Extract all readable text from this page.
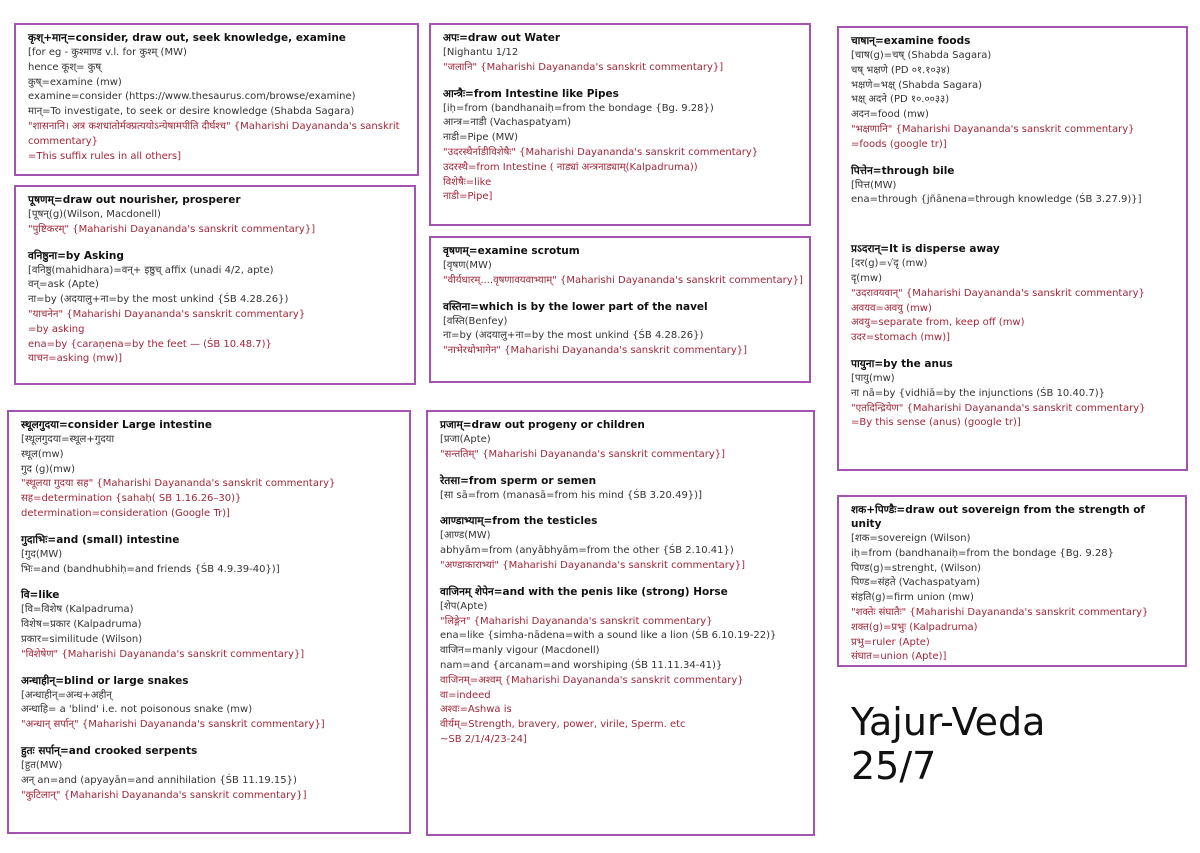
कृश्+मान्=consider, draw out, seek knowledge, examine
[for eg - कुश्माण्ड v.l. for कुश्म् (MW)
hence कूश्= कुष्
कुष्=examine (mw)
examine=consider (https://www.thesaurus.com/browse/examine)
मान्=To investigate, to seek or desire knowledge (Shabda Sagara)
"शासनानि। अत्र कशधातोर्मक्प्रत्ययोऽन्येषामपीति दीर्घश्च" {Maharishi Dayananda's sanskrit commentary}
=This suffix rules in all others]
पूषणम्=draw out nourisher, prosperer
[पूषन्(g)(Wilson, Macdonell)
"पुष्टिकरम्" {Maharishi Dayananda's sanskrit commentary}]
वनिष्ठुना=by Asking
[वनिष्ठु(mahidhara)=वन्+ इष्ठुच् affix (unadi 4/2, apte)
वन्=ask (Apte)
ना=by (अदयालु+ना=by the most unkind {ŚB 4.28.26})
"याचनेन" {Maharishi Dayananda's sanskrit commentary}
=by asking
ena=by {caraṇena=by the feet — (ŚB 10.48.7)}
याचन=asking (mw)]
स्थूलगुदया=consider Large intestine
[स्थूलगुदया=स्थूल+गुदया
स्थूल(mw)
गुद (g)(mw)
"स्थूलया गुदया सह" {Maharishi Dayananda's sanskrit commentary}
सह=determination {sahaḥ( SB 1.16.26–30)}
determination=consideration (Google Tr)]
गुदाभिः=and (small) intestine
[गुद(MW)
भिः=and (bandhubhiḥ=and friends {ŚB 4.9.39-40})]
वि=like
[वि=विशेष (Kalpadruma)
विशेष=प्रकार (Kalpadruma)
प्रकार=similitude (Wilson)
"विशेषेण" {Maharishi Dayananda's sanskrit commentary}]
अन्धाहीन्=blind or large snakes
[अन्धाहीन्=अन्ध+अहीन्
अन्धाहि= a 'blind' i.e. not poisonous snake (mw)
"अन्धान् सर्पान्" {Maharishi Dayananda's sanskrit commentary}]
हुतः सर्पान्=and crooked serpents
[हुत(MW)
अन् an=and (apyayān=and annihilation {ŚB 11.19.15})
"कुटिलान्" {Maharishi Dayananda's sanskrit commentary}]
अपः=draw out Water
[Nighantu 1/12
"जलानि" {Maharishi Dayananda's sanskrit commentary}]
आन्त्रैः=from Intestine like Pipes
[iḥ=from (bandhanaiḥ=from the bondage {Bg. 9.28})
आन्त्र=नाडी (Vachaspatyam)
नाडी=Pipe (MW)
"उदरस्थैर्नाडीविशेषैः" {Maharishi Dayananda's sanskrit commentary}
उदरस्थै=from Intestine ( नाड्यां अन्त्रनाड्याम्(Kalpadruma))
विशेषैः=like
नाडी=Pipe]
वृषणम्=examine scrotum
[वृषण(MW)
"वीर्यधारम्....वृषणावयवाभ्याम्" {Maharishi Dayananda's sanskrit commentary}]
वस्तिना=which is by the lower part of the navel
[वस्ति(Benfey)
ना=by (अदयालु+ना=by the most unkind {ŚB 4.28.26})
"नाभेरधोभागेन" {Maharishi Dayananda's sanskrit commentary}]
प्रजाम्=draw out progeny or children
[प्रजा(Apte)
"सन्ततिम्" {Maharishi Dayananda's sanskrit commentary}]
रेतसा=from sperm or semen
[सा sā=from (manasā=from his mind {ŚB 3.20.49})]
आण्डाभ्याम्=from the testicles
[आण्ड(MW)
abhyām=from (anyābhyām=from the other {ŚB 2.10.41})
"अण्डाकाराभ्यां" {Maharishi Dayananda's sanskrit commentary}]
वाजिनम् शेपेन=and with the penis like (strong) Horse
[शेप(Apte)
"लिङ्गेन" {Maharishi Dayananda's sanskrit commentary}
ena=like {simha-nādena=with a sound like a lion (ŚB 6.10.19-22)}
वाजिन=manly vigour (Macdonell)
nam=and {arcanam=and worshiping (ŚB 11.11.34-41)}
वाजिनम्=अश्वम् {Maharishi Dayananda's sanskrit commentary}
वा=indeed
अश्वः=Ashwa is
वीर्यम्=Strength, bravery, power, virile, Sperm. etc
~SB 2/1/4/23-24]
चाषान्=examine foods
[चाष(g)=चष् (Shabda Sagara)
चष् भक्षणे (PD ०१.१०३४)
भक्षणे=भक्ष् (Shabda Sagara)
भक्ष् अदने (PD १०.००३३)
अदन=food (mw)
"भक्षणानि" {Maharishi Dayananda's sanskrit commentary}
=foods (google tr)]
पित्तेन=through bile
[पित्त(MW)
ena=through {jñānena=through knowledge (ŚB 3.27.9)}]
प्रऽदरान्=It is disperse away
[दर(g)=√दृ (mw)
दृ(mw)
"उदरावयवान्" {Maharishi Dayananda's sanskrit commentary}
अवयव=अवयु (mw)
अवयु=separate from, keep off (mw)
उदर=stomach (mw)]
पायुना=by the anus
[पायु(mw)
ना nā=by {vidhiā=by the injunctions (ŚB 10.40.7)}
"एतदिन्द्रियेण" {Maharishi Dayananda's sanskrit commentary}
=By this sense (anus) (google tr)]
शक+पिण्डैः=draw out sovereign from the strength of unity
[शक=sovereign (Wilson)
iḥ=from (bandhanaiḥ=from the bondage {Bg. 9.28}
पिण्ड(g)=strenght, (Wilson)
पिण्ड=संहते (Vachaspatyam)
संहति(g)=firm union (mw)
"शक्तेः संघातैः" {Maharishi Dayananda's sanskrit commentary}
शक्त(g)=प्रभुः (Kalpadruma)
प्रभु=ruler (Apte)
संघात=union (Apte)]
Yajur-Veda
25/7
